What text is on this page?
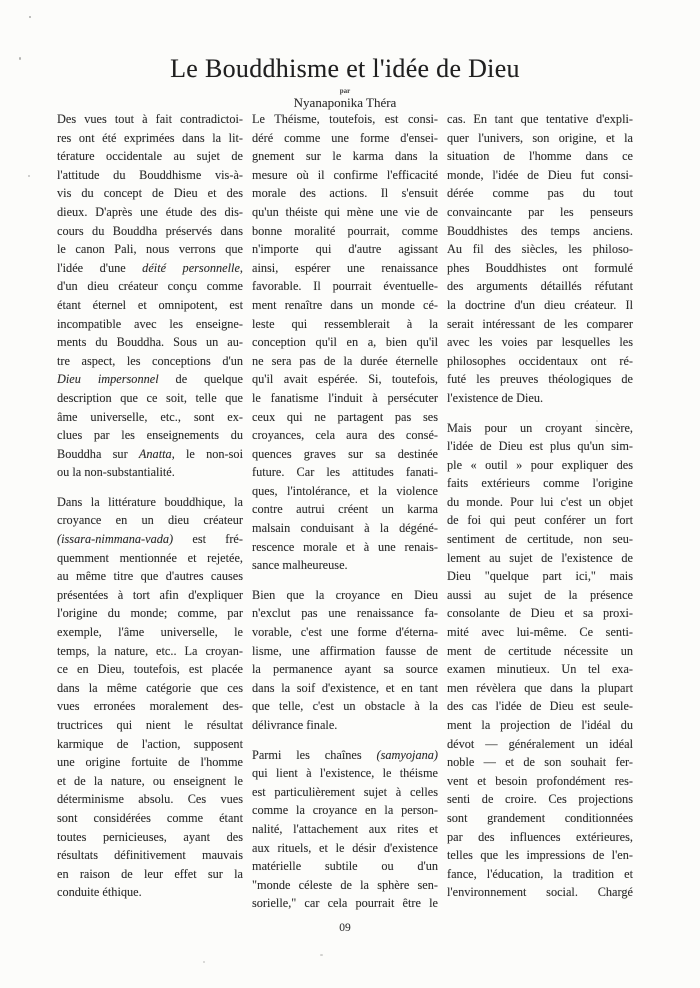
Le Bouddhisme et l'idée de Dieu
par
Nyanaponika Théra
Des vues tout à fait contradictoi-
res ont été exprimées dans la lit-
térature occidentale au sujet de
l'attitude du Bouddhisme vis-à-
vis du concept de Dieu et des
dieux. D'après une étude des dis-
cours du Bouddha préservés dans
le canon Pali, nous verrons que
l'idée d'une déité personnelle,
d'un dieu créateur conçu comme
étant éternel et omnipotent, est
incompatible avec les enseigne-
ments du Bouddha. Sous un au-
tre aspect, les conceptions d'un
Dieu impersonnel de quelque
description que ce soit, telle que
âme universelle, etc., sont ex-
clues par les enseignements du
Bouddha sur Anatta, le non-soi
ou la non-substantialité.
Dans la littérature bouddhique, la
croyance en un dieu créateur
(issara-nimmana-vada) est fré-
quemment mentionnée et rejetée,
au même titre que d'autres causes
présentées à tort afin d'expliquer
l'origine du monde; comme, par
exemple, l'âme universelle, le
temps, la nature, etc.. La croyan-
ce en Dieu, toutefois, est placée
dans la même catégorie que ces
vues erronées moralement des-
tructrices qui nient le résultat
karmique de l'action, supposent
une origine fortuite de l'homme
et de la nature, ou enseignent le
déterminisme absolu. Ces vues
sont considérées comme étant
toutes pernicieuses, ayant des
résultats définitivement mauvais
en raison de leur effet sur la
conduite éthique.
Le Théisme, toutefois, est consi-
déré comme une forme d'ensei-
gnement sur le karma dans la
mesure où il confirme l'efficacité
morale des actions. Il s'ensuit
qu'un théiste qui mène une vie de
bonne moralité pourrait, comme
n'importe qui d'autre agissant
ainsi, espérer une renaissance
favorable. Il pourrait éventuelle-
ment renaître dans un monde cé-
leste qui ressemblerait à la
conception qu'il en a, bien qu'il
ne sera pas de la durée éternelle
qu'il avait espérée. Si, toutefois,
le fanatisme l'induit à persécuter
ceux qui ne partagent pas ses
croyances, cela aura des consé-
quences graves sur sa destinée
future. Car les attitudes fanati-
ques, l'intolérance, et la violence
contre autrui créent un karma
malsain conduisant à la dégéné-
rescence morale et à une renais-
sance malheureuse.
Bien que la croyance en Dieu
n'exclut pas une renaissance fa-
vorable, c'est une forme d'éterna-
lisme, une affirmation fausse de
la permanence ayant sa source
dans la soif d'existence, et en tant
que telle, c'est un obstacle à la
délivrance finale.
Parmi les chaînes (samyojana)
qui lient à l'existence, le théisme
est particulièrement sujet à celles
comme la croyance en la person-
nalité, l'attachement aux rites et
aux rituels, et le désir d'existence
matérielle subtile ou d'un
"monde céleste de la sphère sen-
sorielle," car cela pourrait être le
cas. En tant que tentative d'expli-
quer l'univers, son origine, et la
situation de l'homme dans ce
monde, l'idée de Dieu fut consi-
dérée comme pas du tout
convaincante par les penseurs
Bouddhistes des temps anciens.
Au fil des siècles, les philoso-
phes Bouddhistes ont formulé
des arguments détaillés réfutant
la doctrine d'un dieu créateur. Il
serait intéressant de les comparer
avec les voies par lesquelles les
philosophes occidentaux ont ré-
futé les preuves théologiques de
l'existence de Dieu.
Mais pour un croyant sincère,
l'idée de Dieu est plus qu'un sim-
ple « outil » pour expliquer des
faits extérieurs comme l'origine
du monde. Pour lui c'est un objet
de foi qui peut conférer un fort
sentiment de certitude, non seu-
lement au sujet de l'existence de
Dieu "quelque part ici," mais
aussi au sujet de la présence
consolante de Dieu et sa proxi-
mité avec lui-même. Ce senti-
ment de certitude nécessite un
examen minutieux. Un tel exa-
men révèlera que dans la plupart
des cas l'idée de Dieu est seule-
ment la projection de l'idéal du
dévot — généralement un idéal
noble — et de son souhait fer-
vent et besoin profondément res-
senti de croire. Ces projections
sont grandement conditionnées
par des influences extérieures,
telles que les impressions de l'en-
fance, l'éducation, la tradition et
l'environnement social. Chargé
09
